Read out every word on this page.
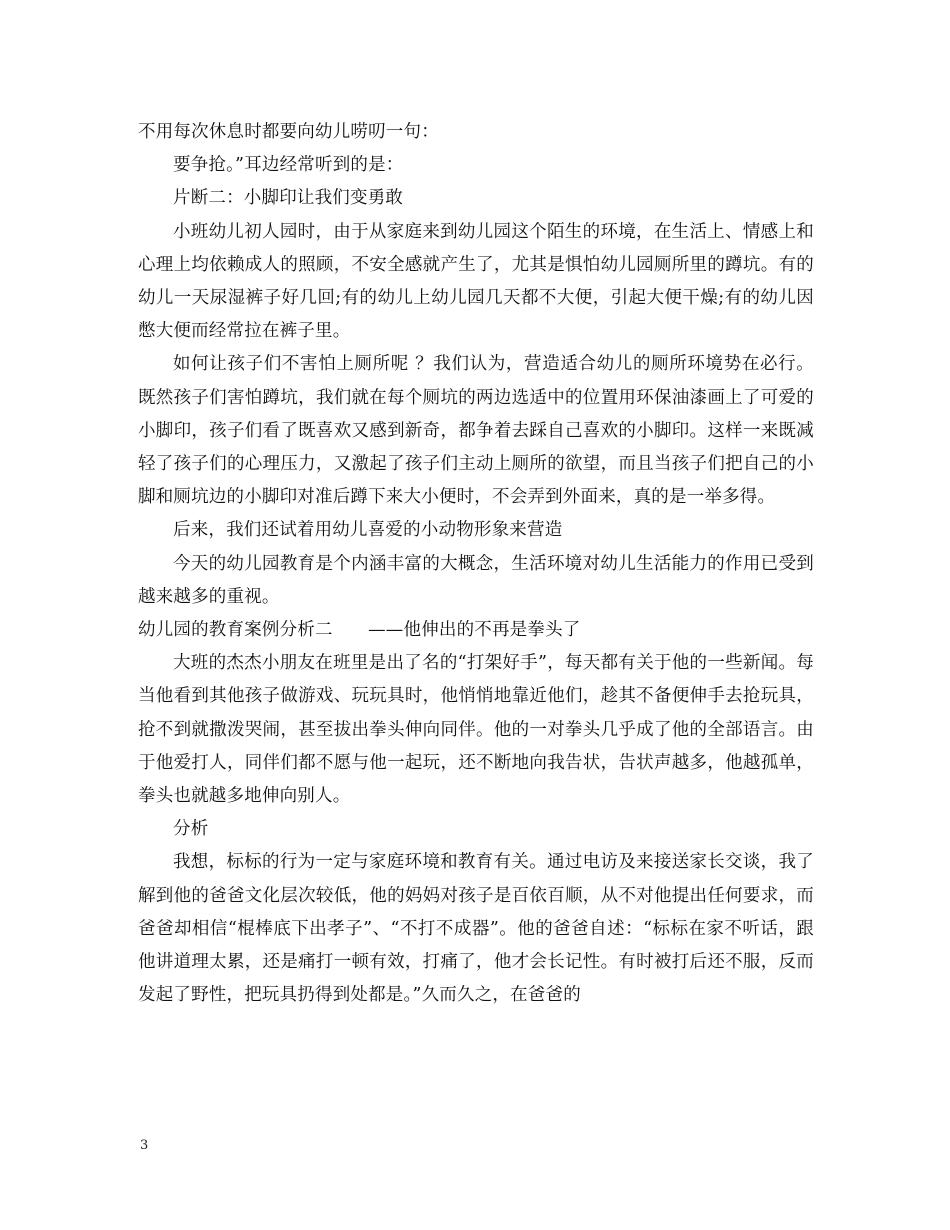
不用每次休息时都要向幼儿唠叨一句：

要争抢。”耳边经常听到的是：

片断二：小脚印让我们变勇敢

小班幼儿初人园时，由于从家庭来到幼儿园这个陌生的环境，在生活上、情感上和心理上均依赖成人的照顾，不安全感就产生了，尤其是惧怕幼儿园厕所里的蹲坑。有的幼儿一天尿湿裤子好几回;有的幼儿上幼儿园几天都不大便，引起大便干燥;有的幼儿因憋大便而经常拉在裤子里。

如何让孩子们不害怕上厕所呢 ？我们认为，营造适合幼儿的厕所环境势在必行。既然孩子们害怕蹲坑，我们就在每个厕坑的两边选适中的位置用环保油漆画上了可爱的小脚印，孩子们看了既喜欢又感到新奇，都争着去踩自己喜欢的小脚印。这样一来既减轻了孩子们的心理压力，又激起了孩子们主动上厕所的欲望，而且当孩子们把自己的小脚和厕坑边的小脚印对准后蹲下来大小便时，不会弄到外面来，真的是一举多得。

后来，我们还试着用幼儿喜爱的小动物形象来营造

今天的幼儿园教育是个内涵丰富的大概念，生活环境对幼儿生活能力的作用已受到越来越多的重视。

幼儿园的教育案例分析二　　——他伸出的不再是拳头了

大班的杰杰小朋友在班里是出了名的“打架好手”，每天都有关于他的一些新闻。每当他看到其他孩子做游戏、玩玩具时，他悄悄地靠近他们，趁其不备便伸手去抢玩具，抢不到就撒泼哭闹，甚至拔出拳头伸向同伴。他的一对拳头几乎成了他的全部语言。由于他爱打人，同伴们都不愿与他一起玩，还不断地向我告状，告状声越多，他越孤单，拳头也就越多地伸向别人。

分析

我想，标标的行为一定与家庭环境和教育有关。通过电访及来接送家长交谈，我了解到他的爸爸文化层次较低，他的妈妈对孩子是百依百顺，从不对他提出任何要求，而爸爸却相信“棍棒底下出孝子”、“不打不成器”。他的爸爸自述：“标标在家不听话，跟他讲道理太累，还是痛打一顿有效，打痛了，他才会长记性。有时被打后还不服，反而发起了野性，把玩具扔得到处都是。”久而久之，在爸爸的

3
